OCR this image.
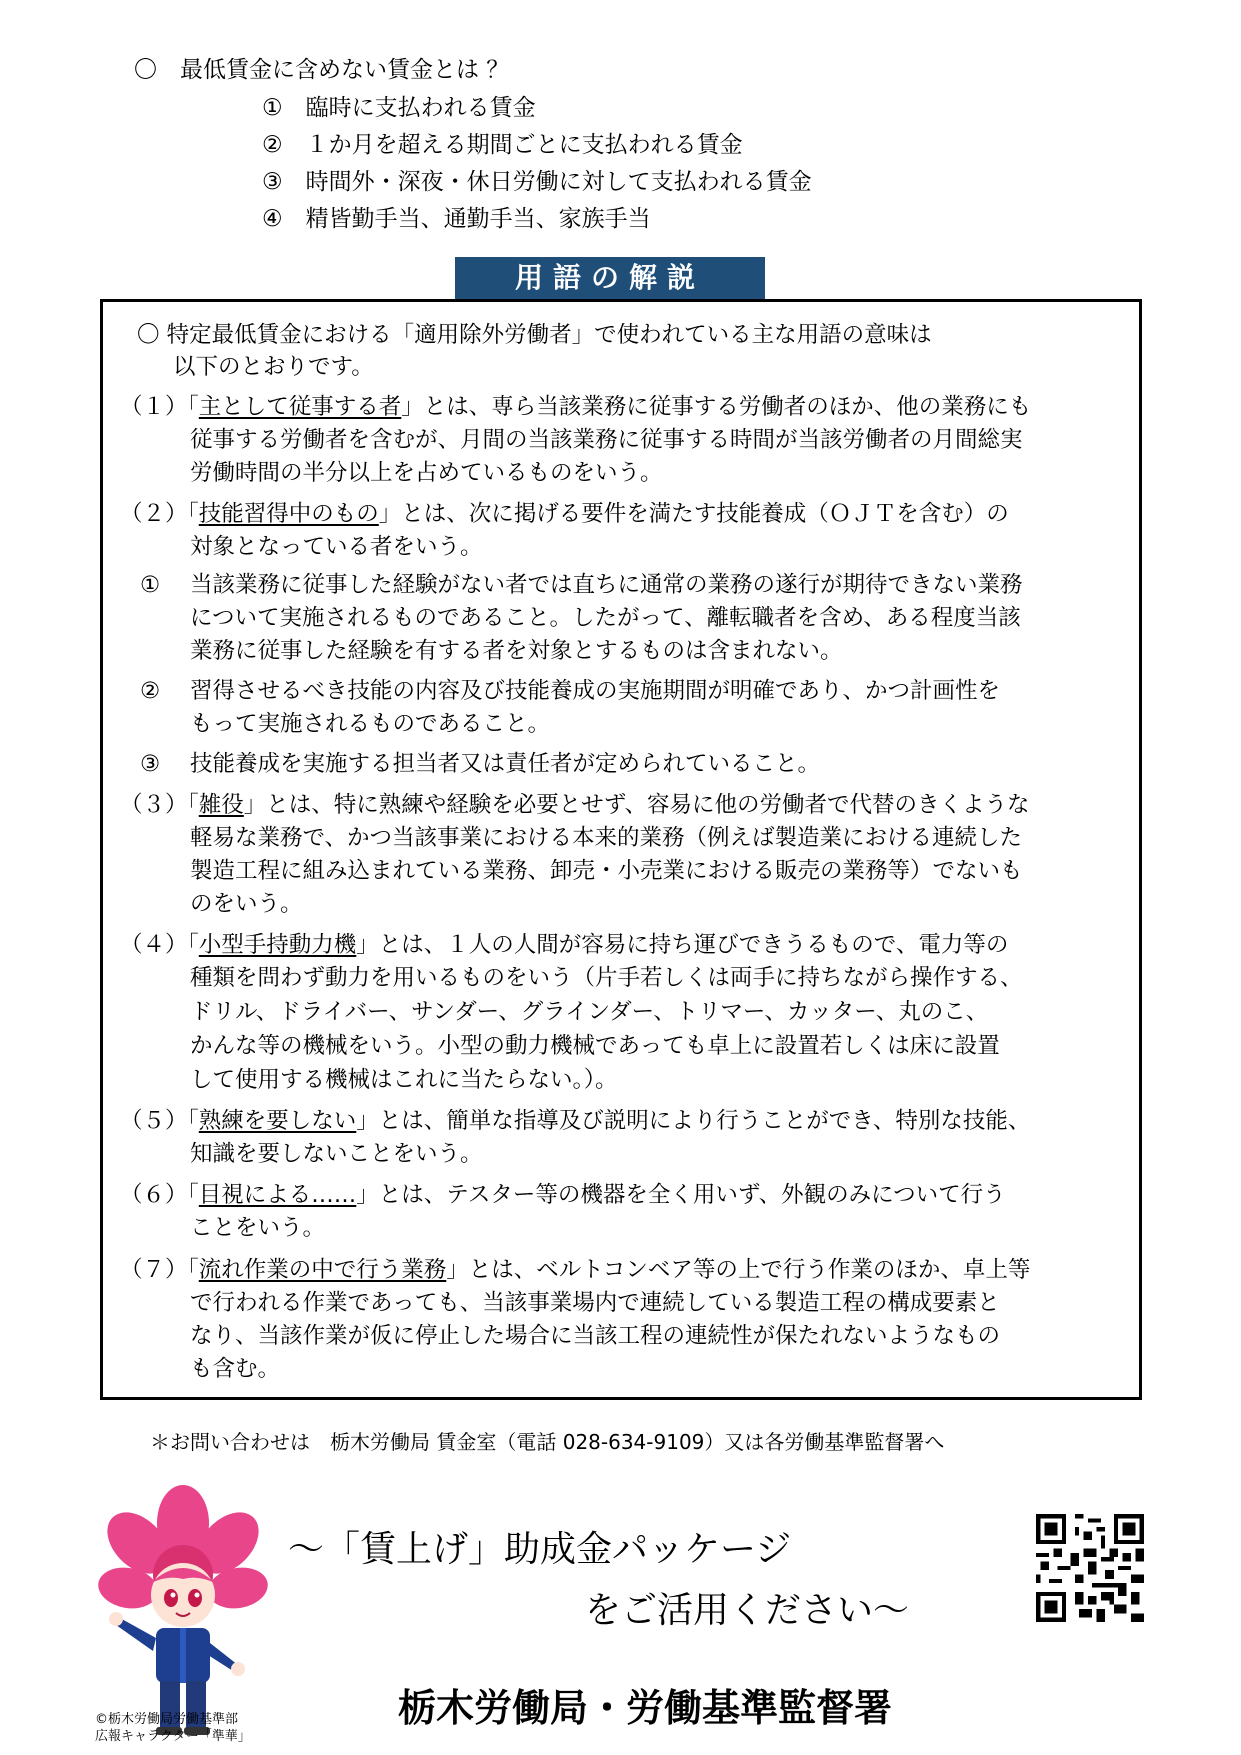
〇　最低賃金に含めない賃金とは ？
①　臨時に支払われる賃金
②　１か月を超える期間ごとに支払われる賃金
③　時間外・深夜・休日労働に対して支払われる賃金
④　精皆勤手当、通勤手当、家族手当
用語の解説
〇 特定最低賃金における「適用除外労働者」で使われている主な用語の意味は
以下のとおりです。
（１）「主として従事する者」とは、専ら当該業務に従事する労働者のほか、他の業務にも
従事する労働者を含むが、月間の当該業務に従事する時間が当該労働者の月間総実
労働時間の半分以上を占めているものをいう。
（２）「技能習得中のもの」とは、次に掲げる要件を満たす技能養成（ＯＪＴを含む）の
対象となっている者をいう。
① 当該業務に従事した経験がない者では直ちに通常の業務の遂行が期待できない業務
について実施されるものであること。したがって、離転職者を含め、ある程度当該
業務に従事した経験を有する者を対象とするものは含まれない。
② 習得させるべき技能の内容及び技能養成の実施期間が明確であり、かつ計画性を
もって実施されるものであること。
③ 技能養成を実施する担当者又は責任者が定められていること。
（３）「雑役」とは、特に熟練や経験を必要とせず、容易に他の労働者で代替のきくような
軽易な業務で、かつ当該事業における本来的業務（例えば製造業における連続した
製造工程に組み込まれている業務、卸売・小売業における販売の業務等）でないも
のをいう。
（４）「小型手持動力機」とは、１人の人間が容易に持ち運びできうるもので、電力等の
種類を問わず動力を用いるものをいう（片手若しくは両手に持ちながら操作する、
ドリル、ドライバー、サンダー、グラインダー、トリマー、カッター、丸のこ、
かんな等の機械をいう。小型の動力機械であっても卓上に設置若しくは床に設置
して使用する機械はこれに当たらない。）。
（５）「熟練を要しない」とは、簡単な指導及び説明により行うことができ、特別な技能、
知識を要しないことをいう。
（６）「目視による……」とは、テスター等の機器を全く用いず、外観のみについて行う
ことをいう。
（７）「流れ作業の中で行う業務」とは、ベルトコンベア等の上で行う作業のほか、卓上等
で行われる作業であっても、当該事業場内で連続している製造工程の構成要素と
なり、当該作業が仮に停止した場合に当該工程の連続性が保たれないようなもの
も含む。
＊お問い合わせは　栃木労働局 賃金室（電話 028-634-9109）又は各労働基準監督署へ
©栃木労働局労働基準部
広報キャラクター「準華」
～「賃上げ」助成金パッケージ
をご活用ください～
栃木労働局・労働基準監督署
